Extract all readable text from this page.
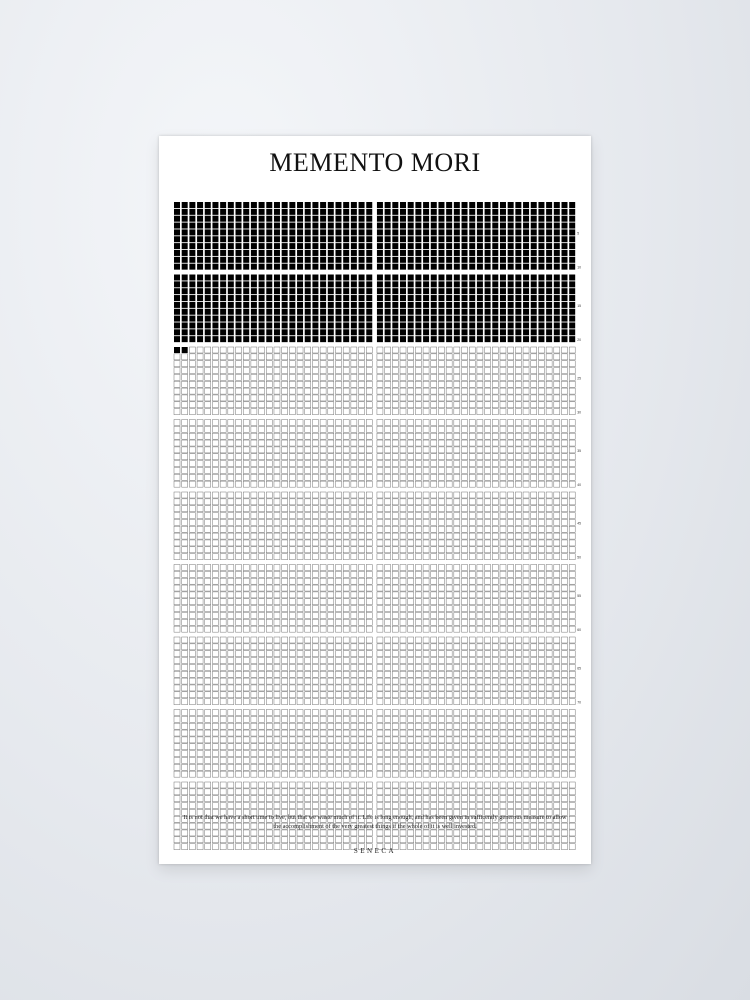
MEMENTO MORI
5
10
15
20
25
30
35
40
45
50
55
60
65
70
It is not that we have a short time to live, but that we waste much of it. Life is long enough, and has been given in sufficently generous measure to allow the accomplishment of the very greatest things if the whole of it is well invested.
SENECA
